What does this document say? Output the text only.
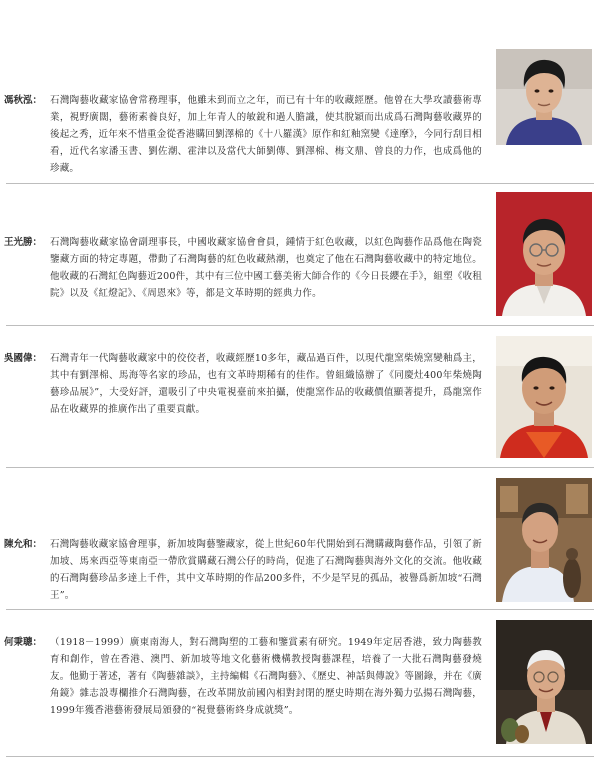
馮秋泓： 石灣陶藝收藏家協會常務理事，他雖未到而立之年，而已有十年的收藏經歷。他曾在大學攻讀藝術專業，視野廣闊，藝術素養良好，加上年青人的敏銳和過人膽識，使其脫穎而出成爲石灣陶藝收藏界的後起之秀，近年來不惜重金從香港購回劉澤棉的《十八羅漢》原作和紅釉窯變《達摩》，今同行刮目相看，近代名家潘玉書、劉佐潮、霍津以及當代大師劉傳、劉澤棉、梅文鼎、曾良的力作，也成爲他的珍藏。
王光勝： 石灣陶藝收藏家協會副理事長，中國收藏家協會會員，鍾情于紅色收藏，以紅色陶藝作品爲他在陶瓷鑒藏方面的特定專題，帶動了石灣陶藝的紅色收藏熱潮，也奠定了他在石灣陶藝收藏中的特定地位。他收藏的石灣紅色陶藝近200件，其中有三位中國工藝美術大師合作的《今日長纓在手》，組塑《收租院》以及《紅燈記》、《周恩來》等，都是文革時期的經典力作。
吳國偉： 石灣青年一代陶藝收藏家中的佼佼者，收藏經歷10多年，藏品過百件，以現代龍窯柴燒窯變釉爲主，其中有劉澤棉、馬海等名家的珍品，也有文革時期稀有的佳作。曾組織協辦了《同慶灶400年柴燒陶藝珍品展》”，大受好評，還吸引了中央電視臺前來拍攝，使龍窯作品的收藏價值顯著提升，爲龍窯作品在收藏界的推廣作出了重要貢獻。
陳允和： 石灣陶藝收藏家協會理事，新加坡陶藝鑒藏家，從上世紀60年代開始到石灣購藏陶藝作品，引領了新加坡、馬來西亞等東南亞一帶欣賞購藏石灣公仔的時尚，促進了石灣陶藝與海外文化的交流。他收藏的石灣陶藝珍品多達上千件，其中文革時期的作品200多件，不少是罕見的孤品，被譽爲新加坡“石灣王”。
何秉聰： （1918－1999）廣東南海人，對石灣陶塑的工藝和鑒賞素有研究。1949年定居香港，致力陶藝教育和創作，曾在香港、澳門、新加坡等地文化藝術機構教授陶藝課程，培養了一大批石灣陶藝發燒友。他勤于著述，著有《陶藝雜談》，主持編輯《石灣陶藝》、《歷史、神話與傳說》等圖錄，并在《廣角鏡》雜志設專欄推介石灣陶藝，在改革開放前國內相對封閉的歷史時期在海外獨力弘揚石灣陶藝，1999年獲香港藝術發展局頒發的“視覺藝術終身成就獎”。
